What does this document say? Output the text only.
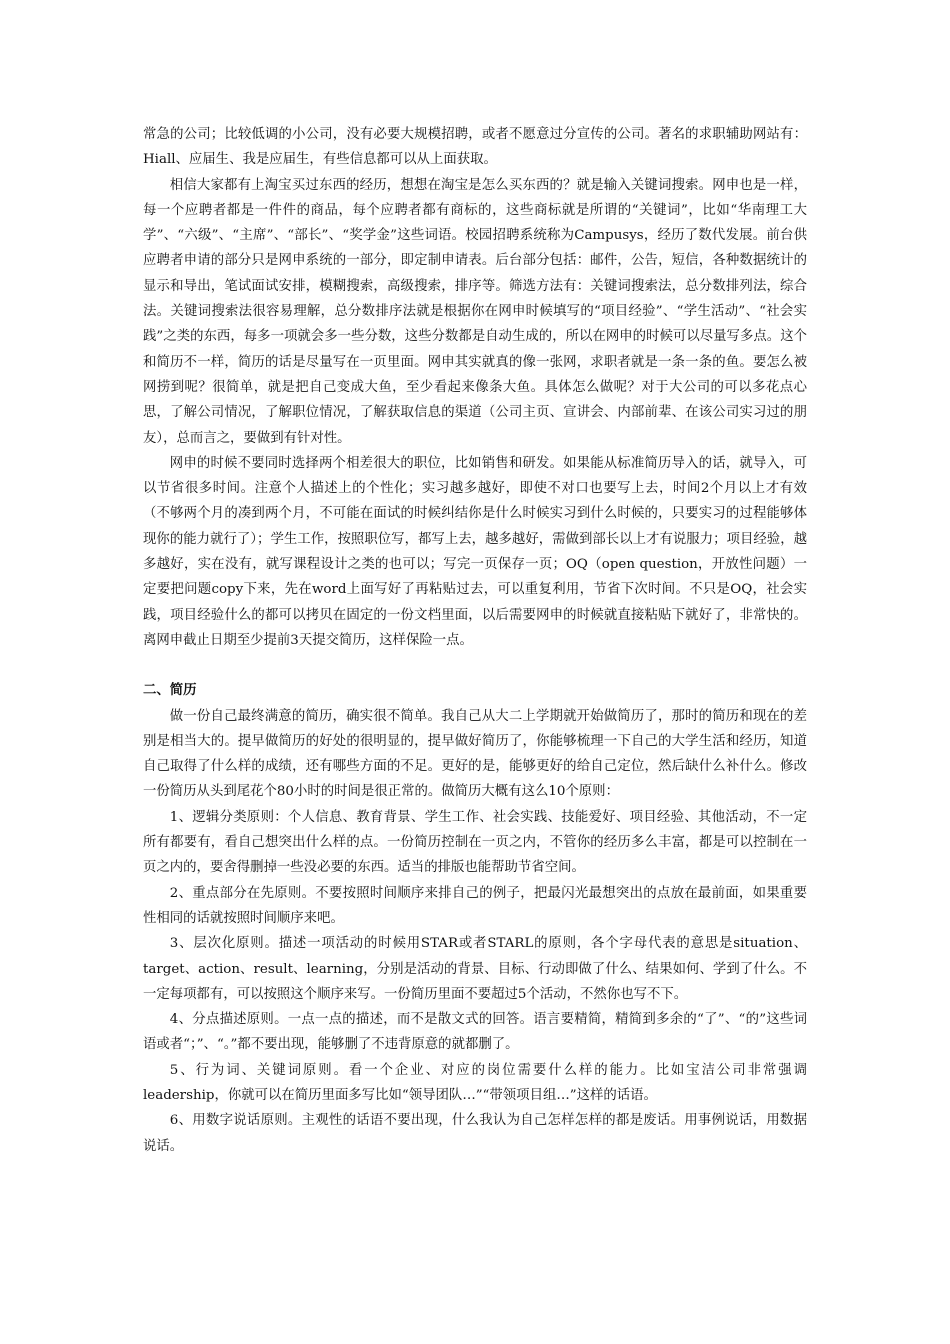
常急的公司；比较低调的小公司，没有必要大规模招聘，或者不愿意过分宣传的公司。著名的求职辅助网站有：Hiall、应届生、我是应届生，有些信息都可以从上面获取。

相信大家都有上淘宝买过东西的经历，想想在淘宝是怎么买东西的？就是输入关键词搜索。网申也是一样，每一个应聘者都是一件件的商品，每个应聘者都有商标的，这些商标就是所谓的“关键词”，比如“华南理工大学”、“六级”、“主席”、“部长”、“奖学金”这些词语。校园招聘系统称为Campusys，经历了数代发展。前台供应聘者申请的部分只是网申系统的一部分，即定制申请表。后台部分包括：邮件，公告，短信，各种数据统计的显示和导出，笔试面试安排，模糊搜索，高级搜索，排序等。筛选方法有：关键词搜索法，总分数排列法，综合法。关键词搜索法很容易理解，总分数排序法就是根据你在网申时候填写的“项目经验”、“学生活动”、“社会实践”之类的东西，每多一项就会多一些分数，这些分数都是自动生成的，所以在网申的时候可以尽量写多点。这个和简历不一样，简历的话是尽量写在一页里面。网申其实就真的像一张网，求职者就是一条一条的鱼。要怎么被网捞到呢？很简单，就是把自己变成大鱼，至少看起来像条大鱼。具体怎么做呢？对于大公司的可以多花点心思，了解公司情况，了解职位情况，了解获取信息的渠道（公司主页、宣讲会、内部前辈、在该公司实习过的朋友），总而言之，要做到有针对性。

网申的时候不要同时选择两个相差很大的职位，比如销售和研发。如果能从标准简历导入的话，就导入，可以节省很多时间。注意个人描述上的个性化；实习越多越好，即使不对口也要写上去，时间2个月以上才有效（不够两个月的凑到两个月，不可能在面试的时候纠结你是什么时候实习到什么时候的，只要实习的过程能够体现你的能力就行了）；学生工作，按照职位写，都写上去，越多越好，需做到部长以上才有说服力；项目经验，越多越好，实在没有，就写课程设计之类的也可以；写完一页保存一页；OQ（open question，开放性问题）一定要把问题copy下来，先在word上面写好了再粘贴过去，可以重复利用，节省下次时间。不只是OQ，社会实践，项目经验什么的都可以拷贝在固定的一份文档里面，以后需要网申的时候就直接粘贴下就好了，非常快的。离网申截止日期至少提前3天提交简历，这样保险一点。

二、简历

做一份自己最终满意的简历，确实很不简单。我自己从大二上学期就开始做简历了，那时的简历和现在的差别是相当大的。提早做简历的好处的很明显的，提早做好简历了，你能够梳理一下自己的大学生活和经历，知道自己取得了什么样的成绩，还有哪些方面的不足。更好的是，能够更好的给自己定位，然后缺什么补什么。修改一份简历从头到尾花个80小时的时间是很正常的。做简历大概有这么10个原则：

1、逻辑分类原则：个人信息、教育背景、学生工作、社会实践、技能爱好、项目经验、其他活动，不一定所有都要有，看自己想突出什么样的点。一份简历控制在一页之内，不管你的经历多么丰富，都是可以控制在一页之内的，要舍得删掉一些没必要的东西。适当的排版也能帮助节省空间。

2、重点部分在先原则。不要按照时间顺序来排自己的例子，把最闪光最想突出的点放在最前面，如果重要性相同的话就按照时间顺序来吧。

3、层次化原则。描述一项活动的时候用STAR或者STARL的原则，各个字母代表的意思是situation、target、action、result、learning，分别是活动的背景、目标、行动即做了什么、结果如何、学到了什么。不一定每项都有，可以按照这个顺序来写。一份简历里面不要超过5个活动，不然你也写不下。

4、分点描述原则。一点一点的描述，而不是散文式的回答。语言要精简，精简到多余的“了”、“的”这些词语或者“；”、“。”都不要出现，能够删了不违背原意的就都删了。

5、行为词、关键词原则。看一个企业、对应的岗位需要什么样的能力。比如宝洁公司非常强调leadership，你就可以在简历里面多写比如“领导团队…”“带领项目组…”这样的话语。

6、用数字说话原则。主观性的话语不要出现，什么我认为自己怎样怎样的都是废话。用事例说话，用数据说话。
